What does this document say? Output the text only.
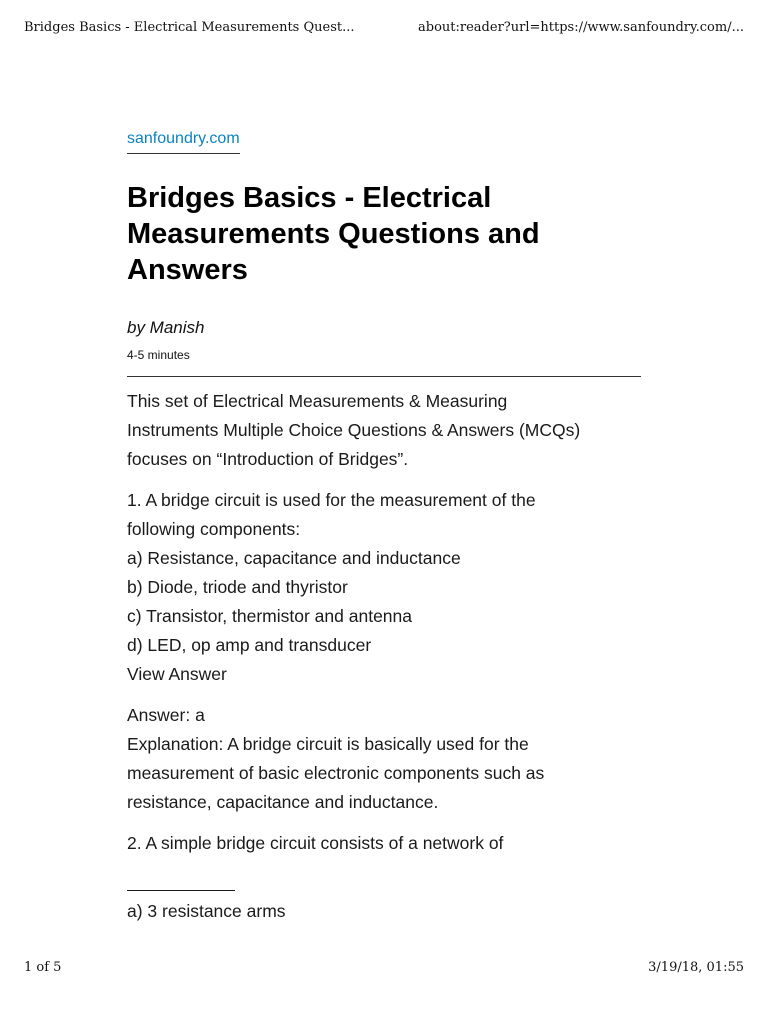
Bridges Basics - Electrical Measurements Quest...	about:reader?url=https://www.sanfoundry.com/...
sanfoundry.com
Bridges Basics - Electrical
Measurements Questions and
Answers
by Manish
4-5 minutes

This set of Electrical Measurements & Measuring
Instruments Multiple Choice Questions & Answers (MCQs)
focuses on “Introduction of Bridges”.

1. A bridge circuit is used for the measurement of the
following components:
a) Resistance, capacitance and inductance
b) Diode, triode and thyristor
c) Transistor, thermistor and antenna
d) LED, op amp and transducer
View Answer

Answer: a
Explanation: A bridge circuit is basically used for the
measurement of basic electronic components such as
resistance, capacitance and inductance.

2. A simple bridge circuit consists of a network of
a) 3 resistance arms

1 of 5	3/19/18, 01:55
